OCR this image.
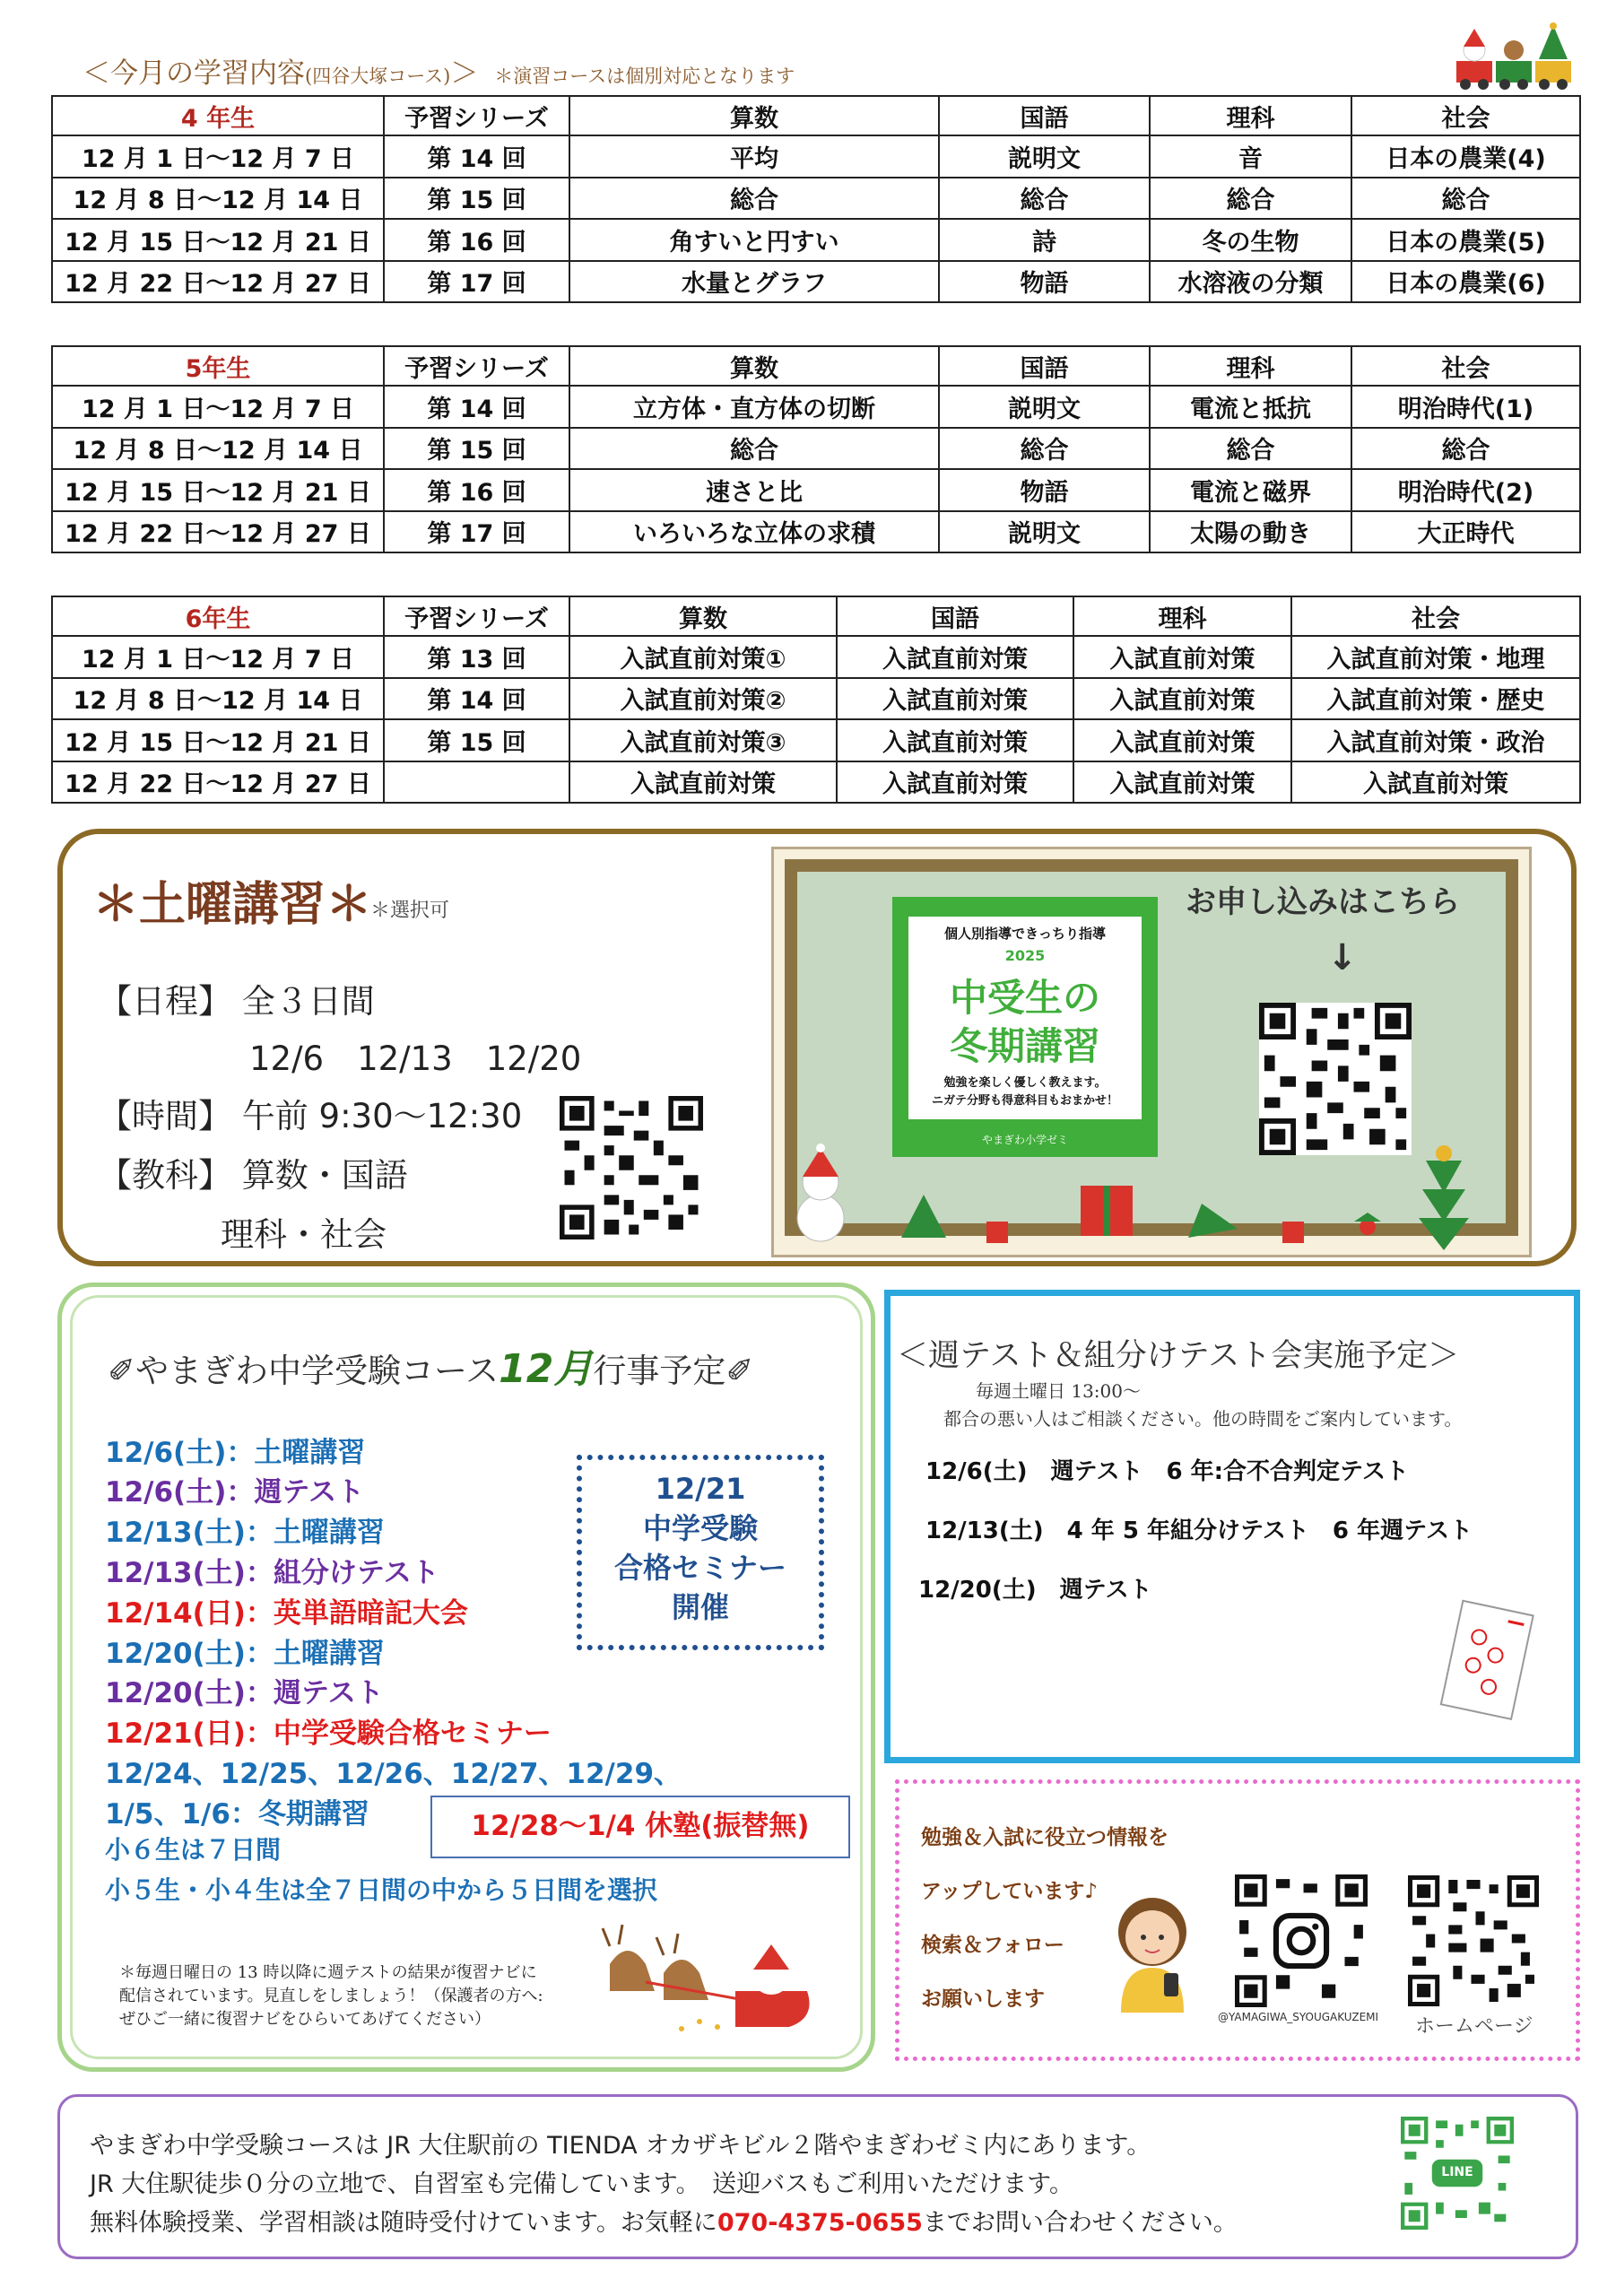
＜今月の学習内容(四谷大塚コース)＞ ＊演習コースは個別対応となります
4 年生	予習シリーズ	算数	国語	理科	社会
12 月 1 日～12 月 7 日	第 14 回	平均	説明文	音	日本の農業(4)
12 月 8 日～12 月 14 日	第 15 回	総合	総合	総合	総合
12 月 15 日～12 月 21 日	第 16 回	角すいと円すい	詩	冬の生物	日本の農業(5)
12 月 22 日～12 月 27 日	第 17 回	水量とグラフ	物語	水溶液の分類	日本の農業(6)
5年生	予習シリーズ	算数	国語	理科	社会
12 月 1 日～12 月 7 日	第 14 回	立方体・直方体の切断	説明文	電流と抵抗	明治時代(1)
12 月 8 日～12 月 14 日	第 15 回	総合	総合	総合	総合
12 月 15 日～12 月 21 日	第 16 回	速さと比	物語	電流と磁界	明治時代(2)
12 月 22 日～12 月 27 日	第 17 回	いろいろな立体の求積	説明文	太陽の動き	大正時代
6年生	予習シリーズ	算数	国語	理科	社会
12 月 1 日～12 月 7 日	第 13 回	入試直前対策①	入試直前対策	入試直前対策	入試直前対策・地理
12 月 8 日～12 月 14 日	第 14 回	入試直前対策②	入試直前対策	入試直前対策	入試直前対策・歴史
12 月 15 日～12 月 21 日	第 15 回	入試直前対策③	入試直前対策	入試直前対策	入試直前対策・政治
12 月 22 日～12 月 27 日		入試直前対策	入試直前対策	入試直前対策	入試直前対策
＊土曜講習＊
＊選択可
【日程】 全３日間
12/6　12/13　12/20
【時間】 午前 9:30～12:30
【教科】 算数・国語
理科・社会
個人別指導できっちり指導
2025
中受生の
冬期講習
勉強を楽しく優しく教えます。
ニガテ分野も得意科目もおまかせ！
やまぎわ小学ゼミ
お申し込みはこちら
↓
✐やまぎわ中学受験コース12月行事予定✐
12/6(土)：土曜講習
12/6(土)：週テスト
12/13(土)：土曜講習
12/13(土)：組分けテスト
12/14(日)：英単語暗記大会
12/20(土)：土曜講習
12/20(土)：週テスト
12/21(日)：中学受験合格セミナー
12/24、12/25、12/26、12/27、12/29、
1/5、1/6：冬期講習
小６生は７日間
小５生・小４生は全７日間の中から５日間を選択
12/21
中学受験
合格セミナー
開催
12/28～1/4 休塾(振替無)
＊毎週日曜日の 13 時以降に週テストの結果が復習ナビに配信されています。見直しをしましょう！（保護者の方へ:ぜひご一緒に復習ナビをひらいてあげてください）
＜週テスト＆組分けテスト会実施予定＞
毎週土曜日 13:00～
都合の悪い人はご相談ください。他の時間をご案内しています。
12/6(土)　週テスト　6 年:合不合判定テスト
12/13(土)　4 年 5 年組分けテスト　6 年週テスト
12/20(土)　週テスト
勉強＆入試に役立つ情報を
アップしています♪
検索＆フォロー
お願いします
@YAMAGIWA_SYOUGAKUZEMI ホームページ
やまぎわ中学受験コースは JR 大住駅前の TIENDA オカザキビル２階やまぎわゼミ内にあります。
JR 大住駅徒歩０分の立地で、自習室も完備しています。　送迎バスもご利用いただけます。
無料体験授業、学習相談は随時受付けています。お気軽に070-4375-0655までお問い合わせください。
LINE
